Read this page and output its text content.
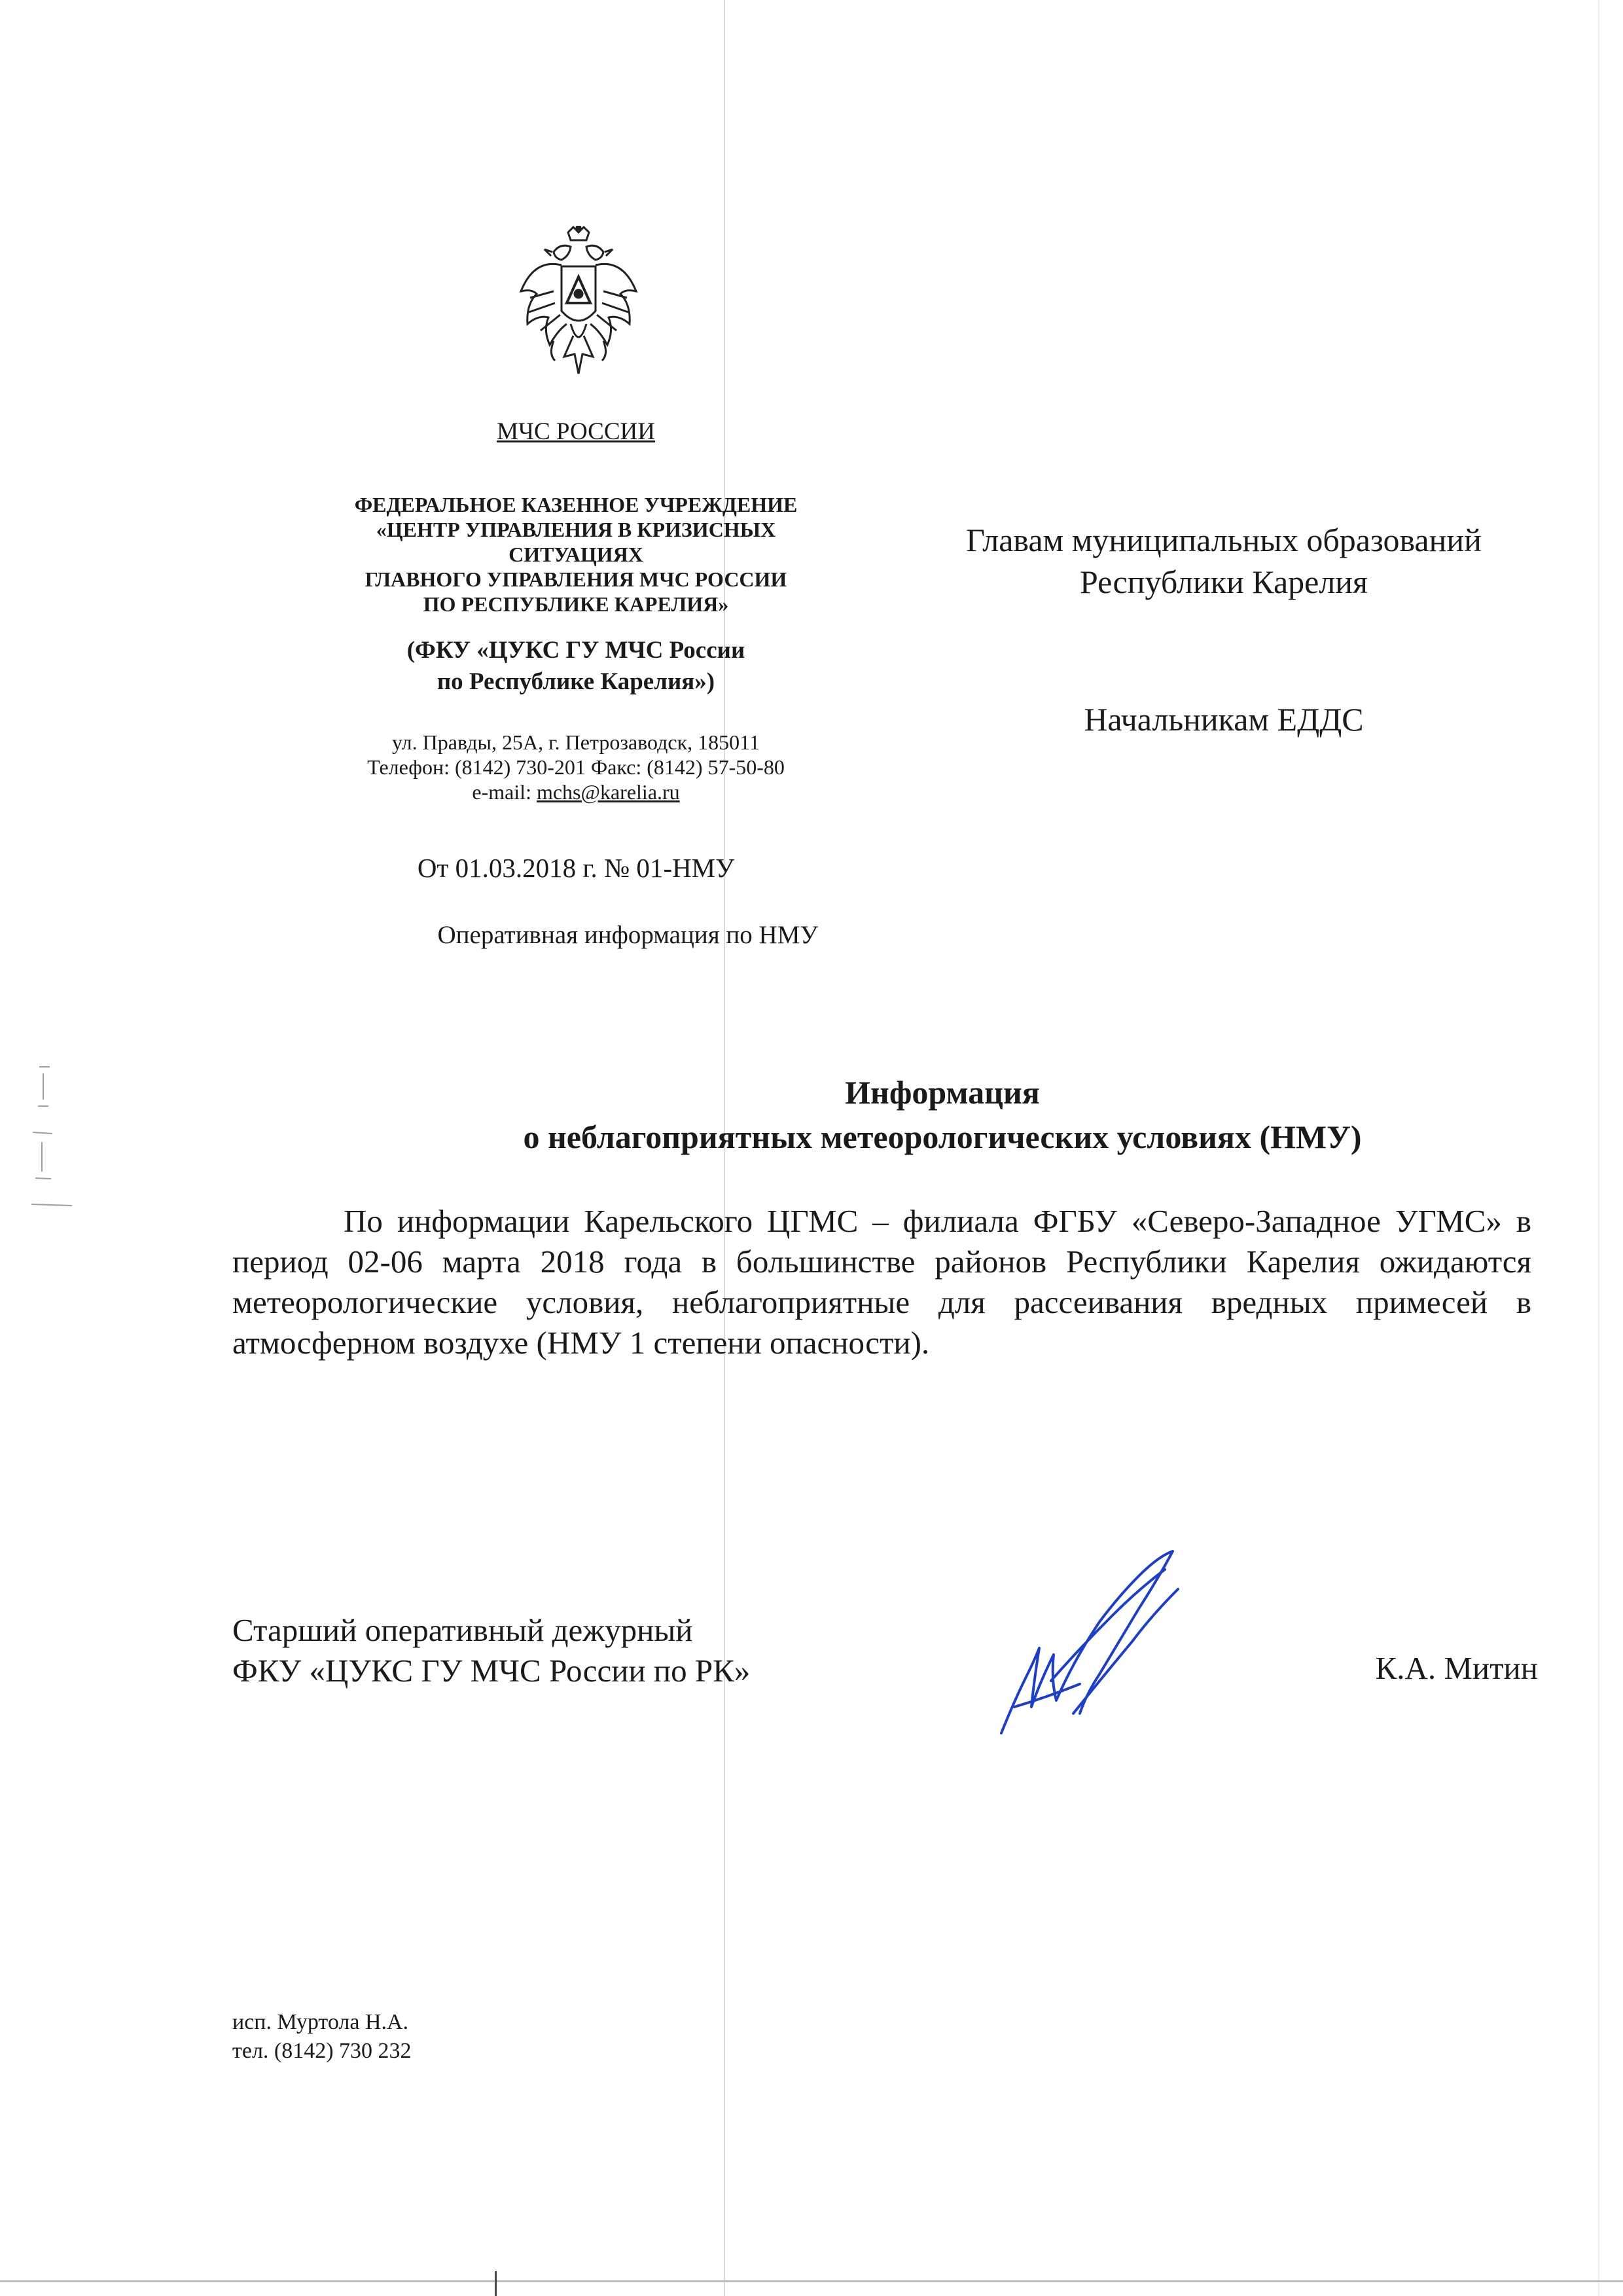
МЧС РОССИИ
ФЕДЕРАЛЬНОЕ КАЗЕННОЕ УЧРЕЖДЕНИЕ
«ЦЕНТР УПРАВЛЕНИЯ В КРИЗИСНЫХ
СИТУАЦИЯХ
ГЛАВНОГО УПРАВЛЕНИЯ МЧС РОССИИ
ПО РЕСПУБЛИКЕ КАРЕЛИЯ»
(ФКУ «ЦУКС ГУ МЧС России
по Республике Карелия»)
ул. Правды, 25А, г. Петрозаводск, 185011
Телефон: (8142) 730-201 Факс: (8142) 57-50-80
e-mail: mchs@karelia.ru
От 01.03.2018 г. № 01-НМУ
Оперативная информация по НМУ
Главам муниципальных образований
Республики Карелия
Начальникам ЕДДС
Информация
о неблагоприятных метеорологических условиях (НМУ)
По информации Карельского ЦГМС – филиала ФГБУ «Северо-Западное УГМС» в период 02-06 марта 2018 года в большинстве районов Республики Карелия ожидаются метеорологические условия, неблагоприятные для рассеивания вредных примесей в атмосферном воздухе (НМУ 1 степени опасности).
Старший оперативный дежурный
ФКУ «ЦУКС ГУ МЧС России по РК»	К.А. Митин
исп. Муртола Н.А.
тел. (8142) 730 232
